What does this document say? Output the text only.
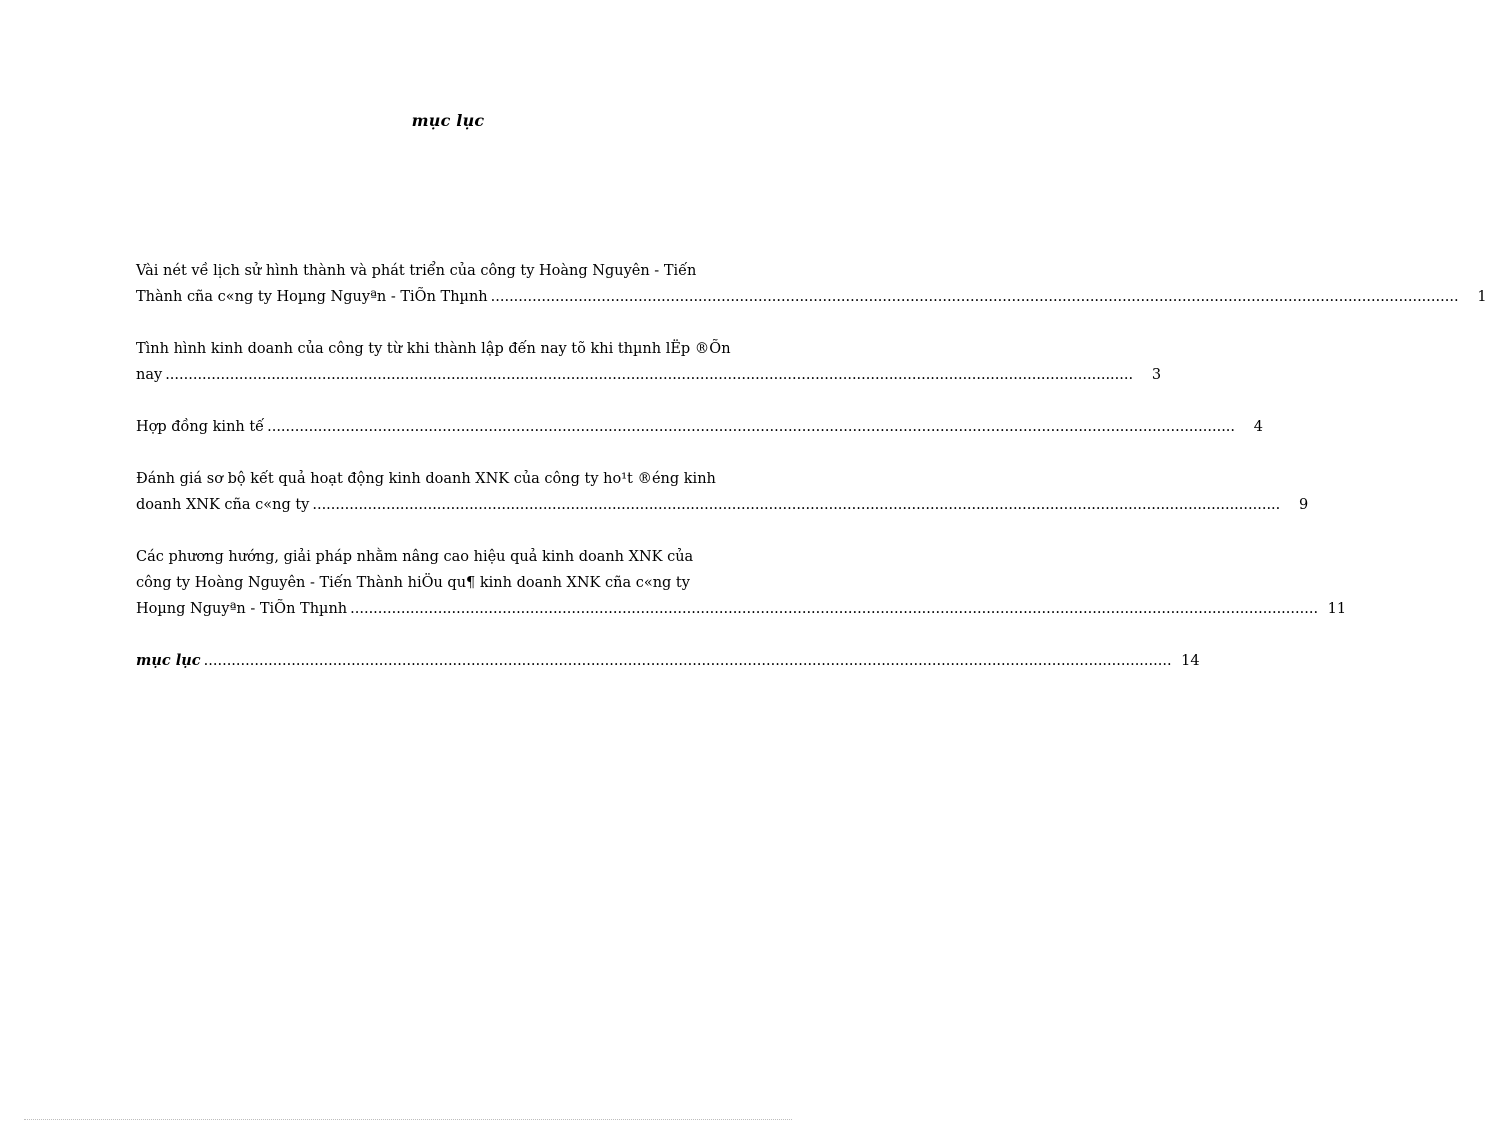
mục lục
Vài nét về lịch sử hình thành và phát triển của công ty Hoàng Nguyên - Tiến
Thành cña c«ng ty Hoµng Nguyªn - TiÕn Thµnh ..................................................................................................................................................................................................................	1
Tình hình kinh doanh của công ty từ khi thành lập đến nay tõ khi thµnh lËp ®Õn
nay ..................................................................................................................................................................................................................	3
Hợp đồng kinh tế ..................................................................................................................................................................................................................	4
Đánh giá sơ bộ kết quả hoạt động kinh doanh XNK của công ty ho¹t ®éng kinh
doanh XNK cña c«ng ty ..................................................................................................................................................................................................................	9
Các phương hướng, giải pháp nhằm nâng cao hiệu quả kinh doanh XNK của
công ty Hoàng Nguyên - Tiến Thành hiÖu qu¶ kinh doanh XNK cña c«ng ty
Hoµng Nguyªn - TiÕn Thµnh .................................................................................................................................................................................................................. 11
mục lục .................................................................................................................................................................................................................. 14
